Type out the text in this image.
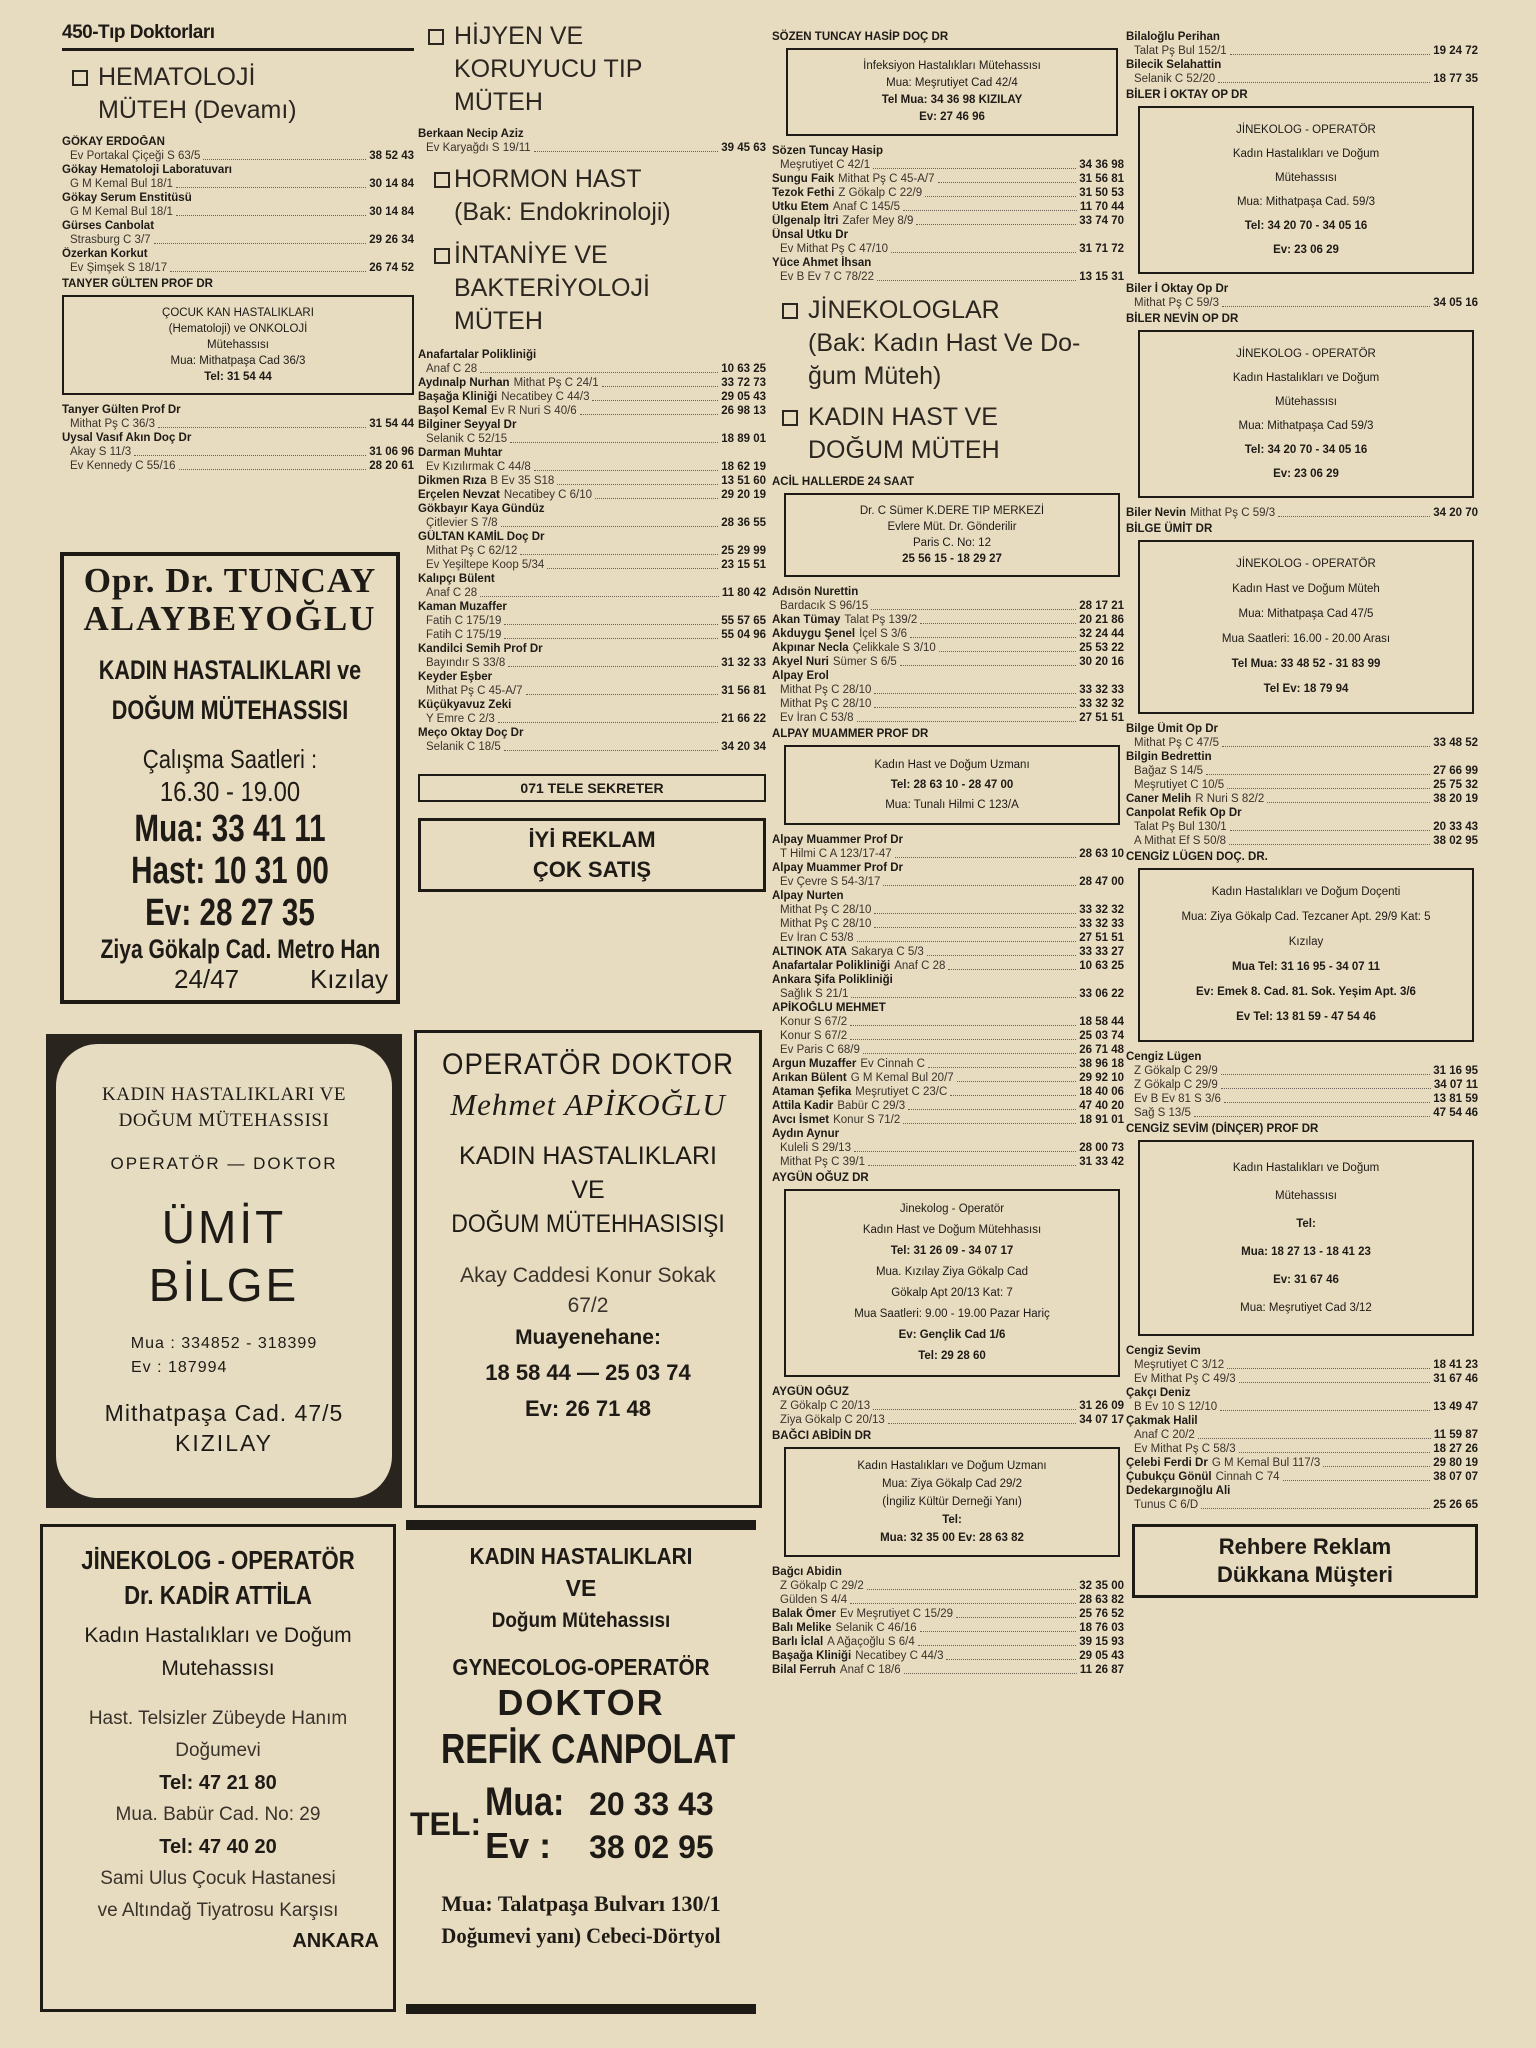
450-Tıp Doktorları
HEMATOLOJİ
MÜTEH (Devamı)
GÖKAY ERDOĞAN
Ev Portakal Çiçeği S 63/5	38 52 43
Gökay Hematoloji Laboratuvarı
G M Kemal Bul 18/1	30 14 84
Gökay Serum Enstitüsü
G M Kemal Bul 18/1	30 14 84
Gürses Canbolat
Strasburg C 3/7	29 26 34
Özerkan Korkut
Ev Şimşek S 18/17	26 74 52
TANYER GÜLTEN PROF DR
ÇOCUK KAN HASTALIKLARI
(Hematoloji) ve ONKOLOJİ
Mütehassısı
Mua: Mithatpaşa Cad 36/3
Tel: 31 54 44
Tanyer Gülten Prof Dr
Mithat Pş C 36/3	31 54 44
Uysal Vasıf Akın Doç Dr
Akay S 11/3	31 06 96
Ev Kennedy C 55/16	28 20 61
Opr. Dr. TUNCAY
ALAYBEYOĞLU
KADIN HASTALIKLARI ve
DOĞUM MÜTEHASSISI
Çalışma Saatleri :
16.30 - 19.00
Mua: 33 41 11
Hast: 10 31 00
Ev: 28 27 35
Ziya Gökalp Cad. Metro Han
24/47	Kızılay
KADIN HASTALIKLARI VE
DOĞUM MÜTEHASSISI
OPERATÖR — DOKTOR
ÜMİT
BİLGE
Mua : 334852 - 318399
Ev : 187994
Mithatpaşa Cad. 47/5
KIZILAY
JİNEKOLOG - OPERATÖR
Dr. KADİR ATTİLA
Kadın Hastalıkları ve Doğum
Mutehassısı
Hast. Telsizler Zübeyde Hanım
Doğumevi
Tel: 47 21 80
Mua. Babür Cad. No: 29
Tel: 47 40 20
Sami Ulus Çocuk Hastanesi
ve Altındağ Tiyatrosu Karşısı
ANKARA
HİJYEN VE
KORUYUCU TIP
MÜTEH
Berkaan Necip Aziz
Ev Karyağdı S 19/11	39 45 63
HORMON HAST
(Bak: Endokrinoloji)
İNTANİYE VE
BAKTERİYOLOJİ
MÜTEH
Anafartalar Polikliniği
Anaf C 28	10 63 25
Aydınalp Nurhan Mithat Pş C 24/1	33 72 73
Başağa Kliniği Necatibey C 44/3	29 05 43
Başol Kemal Ev R Nuri S 40/6	26 98 13
Bilginer Seyyal Dr
Selanik C 52/15	18 89 01
Darman Muhtar
Ev Kızılırmak C 44/8	18 62 19
Dikmen Rıza B Ev 35 S18	13 51 60
Erçelen Nevzat Necatibey C 6/10	29 20 19
Gökbayır Kaya Gündüz
Çitlevier S 7/8	28 36 55
GÜLTAN KAMİL Doç Dr
Mithat Pş C 62/12	25 29 99
Ev Yeşiltepe Koop 5/34	23 15 51
Kalıpçı Bülent
Anaf C 28	11 80 42
Kaman Muzaffer
Fatih C 175/19	55 57 65
Fatih C 175/19	55 04 96
Kandilci Semih Prof Dr
Bayındır S 33/8	31 32 33
Keyder Eşber
Mithat Pş C 45-A/7	31 56 81
Küçükyavuz Zeki
Y Emre C 2/3	21 66 22
Meço Oktay Doç Dr
Selanik C 18/5	34 20 34
071 TELE SEKRETER
İYİ REKLAM
ÇOK SATIŞ
OPERATÖR DOKTOR
Mehmet APİKOĞLU
KADIN HASTALIKLARI
VE
DOĞUM MÜTEHHASISIŞI
Akay Caddesi Konur Sokak
67/2
Muayenehane:
18 58 44 — 25 03 74
Ev: 26 71 48
KADIN HASTALIKLARI
VE
Doğum Mütehassısı
GYNECOLOG-OPERATÖR
DOKTOR
REFİK CANPOLAT
TEL: Mua: 20 33 43
Ev : 38 02 95
Mua: Talatpaşa Bulvarı 130/1
Doğumevi yanı) Cebeci-Dörtyol
SÖZEN TUNCAY HASİP DOÇ DR
İnfeksiyon Hastalıkları Mütehassısı
Mua: Meşrutiyet Cad 42/4
Tel Mua: 34 36 98 KIZILAY
Ev: 27 46 96
Sözen Tuncay Hasip
Meşrutiyet C 42/1	34 36 98
Sungu Faik Mithat Pş C 45-A/7	31 56 81
Tezok Fethi Z Gökalp C 22/9	31 50 53
Utku Etem Anaf C 145/5	11 70 44
Ülgenalp İtri Zafer Mey 8/9	33 74 70
Ünsal Utku Dr
Ev Mithat Pş C 47/10	31 71 72
Yüce Ahmet İhsan
Ev B Ev 7 C 78/22	13 15 31
JİNEKOLOGLAR
(Bak: Kadın Hast Ve Do-
ğum Müteh)
KADIN HAST VE
DOĞUM MÜTEH
ACİL HALLERDE 24 SAAT
Dr. C Sümer K.DERE TIP MERKEZİ
Evlere Müt. Dr. Gönderilir
Paris C. No: 12
25 56 15 - 18 29 27
Adısön Nurettin
Bardacık S 96/15	28 17 21
Akan Tümay Talat Pş 139/2	20 21 86
Akduygu Şenel İçel S 3/6	32 24 44
Akpınar Necla Çelikkale S 3/10	25 53 22
Akyel Nuri Sümer S 6/5	30 20 16
Alpay Erol
Mithat Pş C 28/10	33 32 33
Mithat Pş C 28/10	33 32 32
Ev İran C 53/8	27 51 51
ALPAY MUAMMER PROF DR
Kadın Hast ve Doğum Uzmanı
Tel: 28 63 10 - 28 47 00
Mua: Tunalı Hilmi C 123/A
Alpay Muammer Prof Dr
T Hilmi C A 123/17-47	28 63 10
Alpay Muammer Prof Dr
Ev Çevre S 54-3/17	28 47 00
Alpay Nurten
Mithat Pş C 28/10	33 32 32
Mithat Pş C 28/10	33 32 33
Ev İran C 53/8	27 51 51
ALTINOK ATA Sakarya C 5/3	33 33 27
Anafartalar Polikliniği Anaf C 28	10 63 25
Ankara Şifa Polikliniği
Sağlık S 21/1	33 06 22
APİKOĞLU MEHMET
Konur S 67/2	18 58 44
Konur S 67/2	25 03 74
Ev Paris C 68/9	26 71 48
Argun Muzaffer Ev Cinnah C	38 96 18
Arıkan Bülent G M Kemal Bul 20/7	29 92 10
Ataman Şefika Meşrutiyet C 23/C	18 40 06
Attila Kadir Babür C 29/3	47 40 20
Avcı İsmet Konur S 71/2	18 91 01
Aydın Aynur
Kuleli S 29/13	28 00 73
Mithat Pş C 39/1	31 33 42
AYGÜN OĞUZ DR
Jinekolog - Operatör
Kadın Hast ve Doğum Mütehhasısı
Tel: 31 26 09 - 34 07 17
Mua. Kızılay Ziya Gökalp Cad
Gökalp Apt 20/13 Kat: 7
Mua Saatleri: 9.00 - 19.00 Pazar Hariç
Ev: Gençlik Cad 1/6
Tel: 29 28 60
AYGÜN OĞUZ
Z Gökalp C 20/13	31 26 09
Ziya Gökalp C 20/13	34 07 17
BAĞCI ABİDİN DR
Kadın Hastalıkları ve Doğum Uzmanı
Mua: Ziya Gökalp Cad 29/2
(İngiliz Kültür Derneği Yanı)
Tel:
Mua: 32 35 00 Ev: 28 63 82
Bağcı Abidin
Z Gökalp C 29/2	32 35 00
Gülden S 4/4	28 63 82
Balak Ömer Ev Meşrutiyet C 15/29	25 76 52
Balı Melike Selanik C 46/16	18 76 03
Barlı İclal A Ağaçoğlu S 6/4	39 15 93
Başağa Kliniği Necatibey C 44/3	29 05 43
Bilal Ferruh Anaf C 18/6	11 26 87
Bilaloğlu Perihan
Talat Pş Bul 152/1	19 24 72
Bilecik Selahattin
Selanik C 52/20	18 77 35
BİLER İ OKTAY OP DR
JİNEKOLOG - OPERATÖR
Kadın Hastalıkları ve Doğum
Mütehassısı
Mua: Mithatpaşa Cad. 59/3
Tel: 34 20 70 - 34 05 16
Ev: 23 06 29
Biler İ Oktay Op Dr
Mithat Pş C 59/3	34 05 16
BİLER NEVİN OP DR
JİNEKOLOG - OPERATÖR
Kadın Hastalıkları ve Doğum
Mütehassısı
Mua: Mithatpaşa Cad 59/3
Tel: 34 20 70 - 34 05 16
Ev: 23 06 29
Biler Nevin Mithat Pş C 59/3	34 20 70
BİLGE ÜMİT DR
JİNEKOLOG - OPERATÖR
Kadın Hast ve Doğum Müteh
Mua: Mithatpaşa Cad 47/5
Mua Saatleri: 16.00 - 20.00 Arası
Tel Mua: 33 48 52 - 31 83 99
Tel Ev: 18 79 94
Bilge Ümit Op Dr
Mithat Pş C 47/5	33 48 52
Bilgin Bedrettin
Bağaz S 14/5	27 66 99
Meşrutiyet C 10/5	25 75 32
Caner Melih R Nuri S 82/2	38 20 19
Canpolat Refik Op Dr
Talat Pş Bul 130/1	20 33 43
A Mithat Ef S 50/8	38 02 95
CENGİZ LÜGEN DOÇ. DR.
Kadın Hastalıkları ve Doğum Doçenti
Mua: Ziya Gökalp Cad. Tezcaner Apt. 29/9 Kat: 5
Kızılay
Mua Tel: 31 16 95 - 34 07 11
Ev: Emek 8. Cad. 81. Sok. Yeşim Apt. 3/6
Ev Tel: 13 81 59 - 47 54 46
Cengiz Lügen
Z Gökalp C 29/9	31 16 95
Z Gökalp C 29/9	34 07 11
Ev B Ev 81 S 3/6	13 81 59
Sağ S 13/5	47 54 46
CENGİZ SEVİM (DİNÇER) PROF DR
Kadın Hastalıkları ve Doğum
Mütehassısı
Tel:
Mua: 18 27 13 - 18 41 23
Ev: 31 67 46
Mua: Meşrutiyet Cad 3/12
Cengiz Sevim
Meşrutiyet C 3/12	18 41 23
Ev Mithat Pş C 49/3	31 67 46
Çakçı Deniz
B Ev 10 S 12/10	13 49 47
Çakmak Halil
Anaf C 20/2	11 59 87
Ev Mithat Pş C 58/3	18 27 26
Çelebi Ferdi Dr G M Kemal Bul 117/3	29 80 19
Çubukçu Gönül Cinnah C 74	38 07 07
Dedekargınoğlu Ali
Tunus C 6/D	25 26 65
Rehbere Reklam
Dükkana Müşteri
